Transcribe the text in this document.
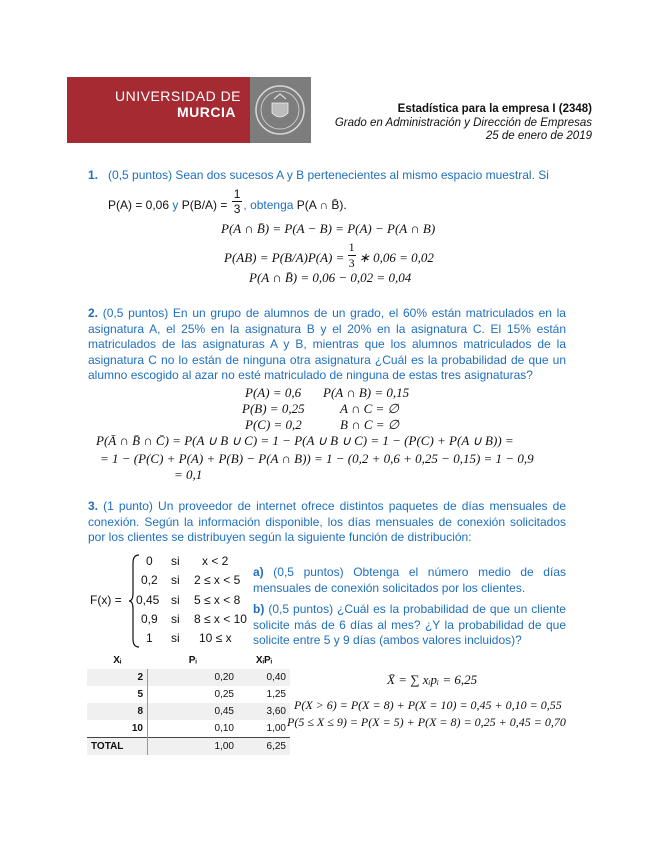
UNIVERSIDAD DE
MURCIA	Estadística para la empresa I (2348)
Grado en Administración y Dirección de Empresas
25 de enero de 2019
1. (0,5 puntos) Sean dos sucesos A y B pertenecientes al mismo espacio muestral. Si
P(A) = 0,06 y $P(B/A) = \frac{1}{3}$ , obtenga P(A ∩ B̄).
P(A ∩ B̄) = P(A − B) = P(A) − P(A ∩ B)
$P(AB) = P(B/A)P(A) = \frac{1}{3}$ ∗ 0,06 = 0,02
P(A ∩ B̄) = 0,06 − 0,02 = 0,04
2. (0,5 puntos) En un grupo de alumnos de un grado, el 60% están matriculados en la asignatura A, el 25% en la asignatura B y el 20% en la asignatura C. El 15% están matriculados de las asignaturas A y B, mientras que los alumnos matriculados de la asignatura C no lo están de ninguna otra asignatura ¿Cuál es la probabilidad de que un alumno escogido al azar no esté matriculado de ninguna de estas tres asignaturas?
P(A) = 0,6 P(A ∩ B) = 0,15
P(B) = 0,25	A ∩ C = ∅
P(C) = 0,2	B ∩ C = ∅
P(Ā ∩ B̄ ∩ C̄) = P(A ∪ B ∪ C) = 1 − P(A ∪ B ∪ C) = 1 − (P(C) + P(A ∪ B)) =
= 1 − (P(C) + P(A) + P(B) − P(A ∩ B)) = 1 − (0,2 + 0,6 + 0,25 − 0,15) = 1 − 0,9
= 0,1
3. (1 punto) Un proveedor de internet ofrece distintos paquetes de días mensuales de conexión. Según la información disponible, los días mensuales de conexión solicitados por los clientes se distribuyen según la siguiente función de distribución:
F(x) =
0 si x < 2
0,2 si 2 ≤ x < 5
0,45 si 5 ≤ x < 8
0,9 si 8 ≤ x < 10
1 si 10 ≤ x
a) (0,5 puntos) Obtenga el número medio de días mensuales de conexión solicitados por los clientes.
b) (0,5 puntos) ¿Cuál es la probabilidad de que un cliente solicite más de 6 días al mes? ¿Y la probabilidad de que solicite entre 5 y 9 días (ambos valores incluidos)?
Xᵢ	Pᵢ	XᵢPᵢ
2	0,20	0,40
5	0,25	1,25
8	0,45	3,60
10	0,10	1,00
TOTAL	1,00	6,25
X̄ = ∑ xᵢpᵢ = 6,25
P(X > 6) = P(X = 8) + P(X = 10) = 0,45 + 0,10 = 0,55
P(5 ≤ X ≤ 9) = P(X = 5) + P(X = 8) = 0,25 + 0,45 = 0,70
